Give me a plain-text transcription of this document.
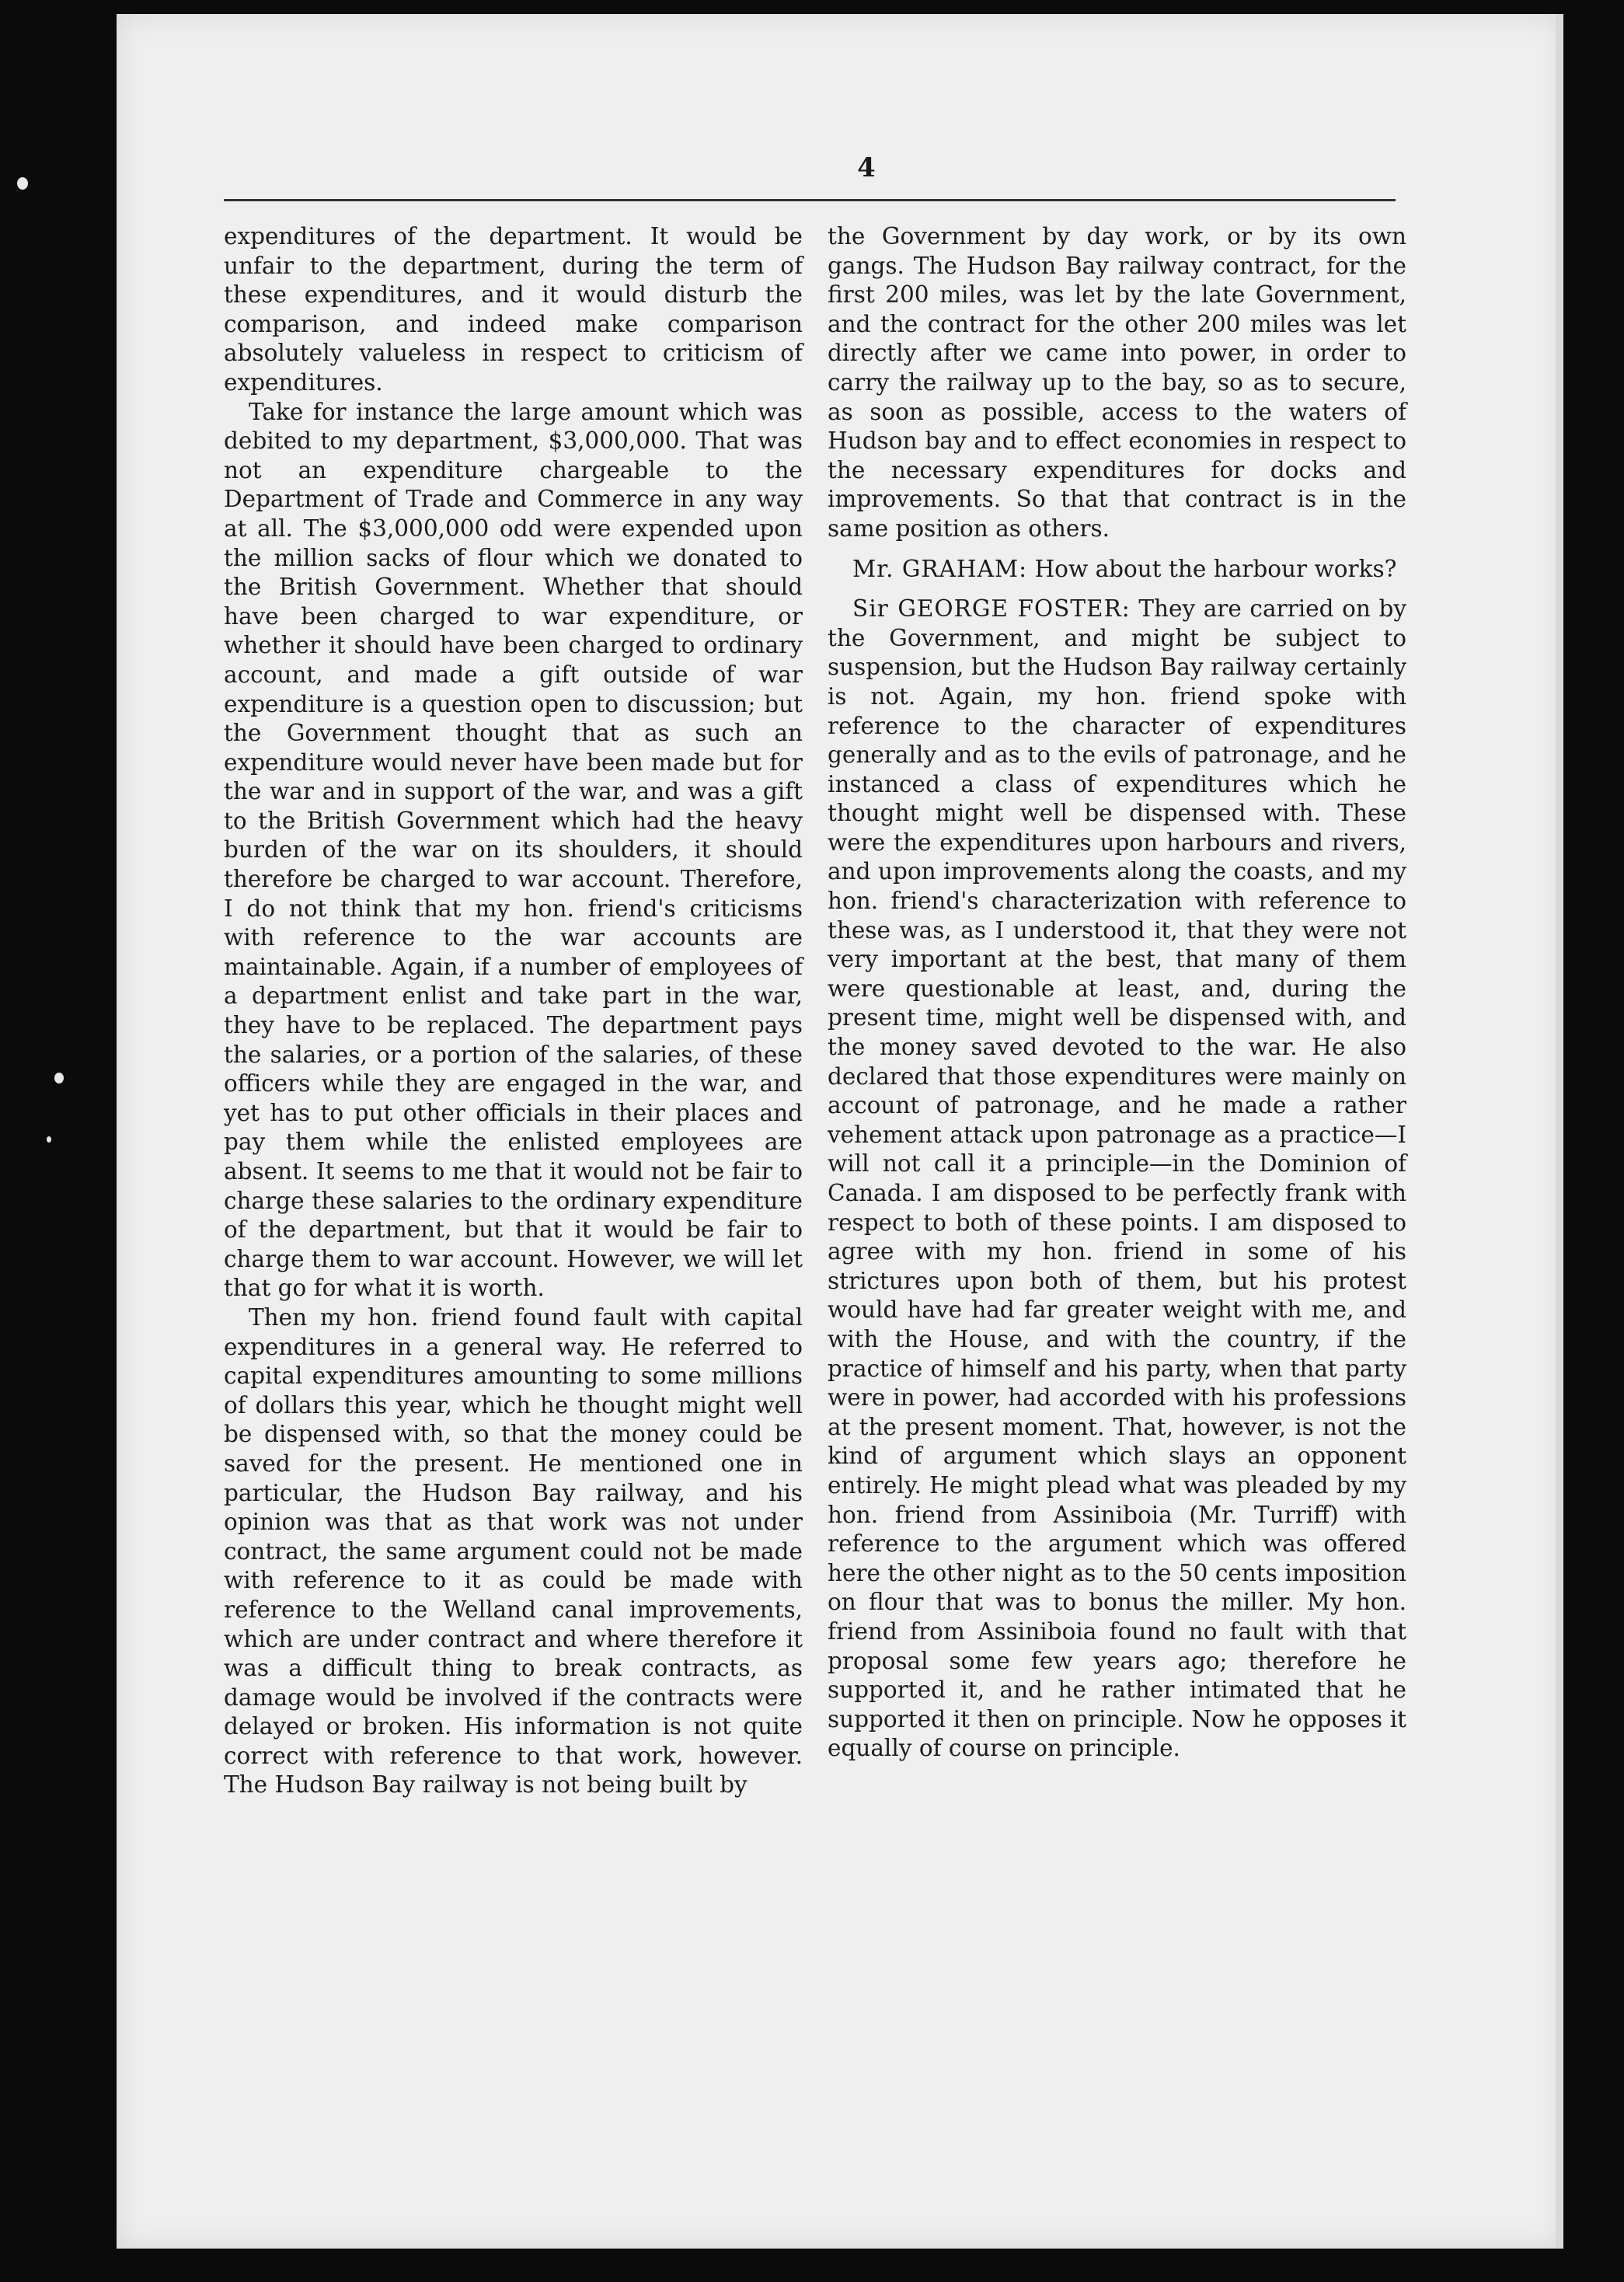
4

expenditures of the department. It would be unfair to the department, during the term of these expenditures, and it would disturb the comparison, and indeed make comparison absolutely valueless in respect to criticism of expenditures.

Take for instance the large amount which was debited to my department, $3,000,000. That was not an expenditure chargeable to the Department of Trade and Commerce in any way at all. The $3,000,000 odd were expended upon the million sacks of flour which we donated to the British Government. Whether that should have been charged to war expenditure, or whether it should have been charged to ordinary account, and made a gift outside of war expenditure is a question open to discussion; but the Government thought that as such an expenditure would never have been made but for the war and in support of the war, and was a gift to the British Government which had the heavy burden of the war on its shoulders, it should therefore be charged to war account. Therefore, I do not think that my hon. friend's criticisms with reference to the war accounts are maintainable. Again, if a number of employees of a department enlist and take part in the war, they have to be replaced. The department pays the salaries, or a portion of the salaries, of these officers while they are engaged in the war, and yet has to put other officials in their places and pay them while the enlisted employees are absent. It seems to me that it would not be fair to charge these salaries to the ordinary expenditure of the department, but that it would be fair to charge them to war account. However, we will let that go for what it is worth.

Then my hon. friend found fault with capital expenditures in a general way. He referred to capital expenditures amounting to some millions of dollars this year, which he thought might well be dispensed with, so that the money could be saved for the present. He mentioned one in particular, the Hudson Bay railway, and his opinion was that as that work was not under contract, the same argument could not be made with reference to it as could be made with reference to the Welland canal improvements, which are under contract and where therefore it was a difficult thing to break contracts, as damage would be involved if the contracts were delayed or broken. His information is not quite correct with reference to that work, however. The Hudson Bay railway is not being built by

the Government by day work, or by its own gangs. The Hudson Bay railway contract, for the first 200 miles, was let by the late Government, and the contract for the other 200 miles was let directly after we came into power, in order to carry the railway up to the bay, so as to secure, as soon as possible, access to the waters of Hudson bay and to effect economies in respect to the necessary expenditures for docks and improvements. So that that contract is in the same position as others.

Mr. GRAHAM: How about the harbour works?

Sir GEORGE FOSTER: They are carried on by the Government, and might be subject to suspension, but the Hudson Bay railway certainly is not. Again, my hon. friend spoke with reference to the character of expenditures generally and as to the evils of patronage, and he instanced a class of expenditures which he thought might well be dispensed with. These were the expenditures upon harbours and rivers, and upon improvements along the coasts, and my hon. friend's characterization with reference to these was, as I understood it, that they were not very important at the best, that many of them were questionable at least, and, during the present time, might well be dispensed with, and the money saved devoted to the war. He also declared that those expenditures were mainly on account of patronage, and he made a rather vehement attack upon patronage as a practice—I will not call it a principle—in the Dominion of Canada. I am disposed to be perfectly frank with respect to both of these points. I am disposed to agree with my hon. friend in some of his strictures upon both of them, but his protest would have had far greater weight with me, and with the House, and with the country, if the practice of himself and his party, when that party were in power, had accorded with his professions at the present moment. That, however, is not the kind of argument which slays an opponent entirely. He might plead what was pleaded by my hon. friend from Assiniboia (Mr. Turriff) with reference to the argument which was offered here the other night as to the 50 cents imposition on flour that was to bonus the miller. My hon. friend from Assiniboia found no fault with that proposal some few years ago; therefore he supported it, and he rather intimated that he supported it then on principle. Now he opposes it equally of course on principle.
